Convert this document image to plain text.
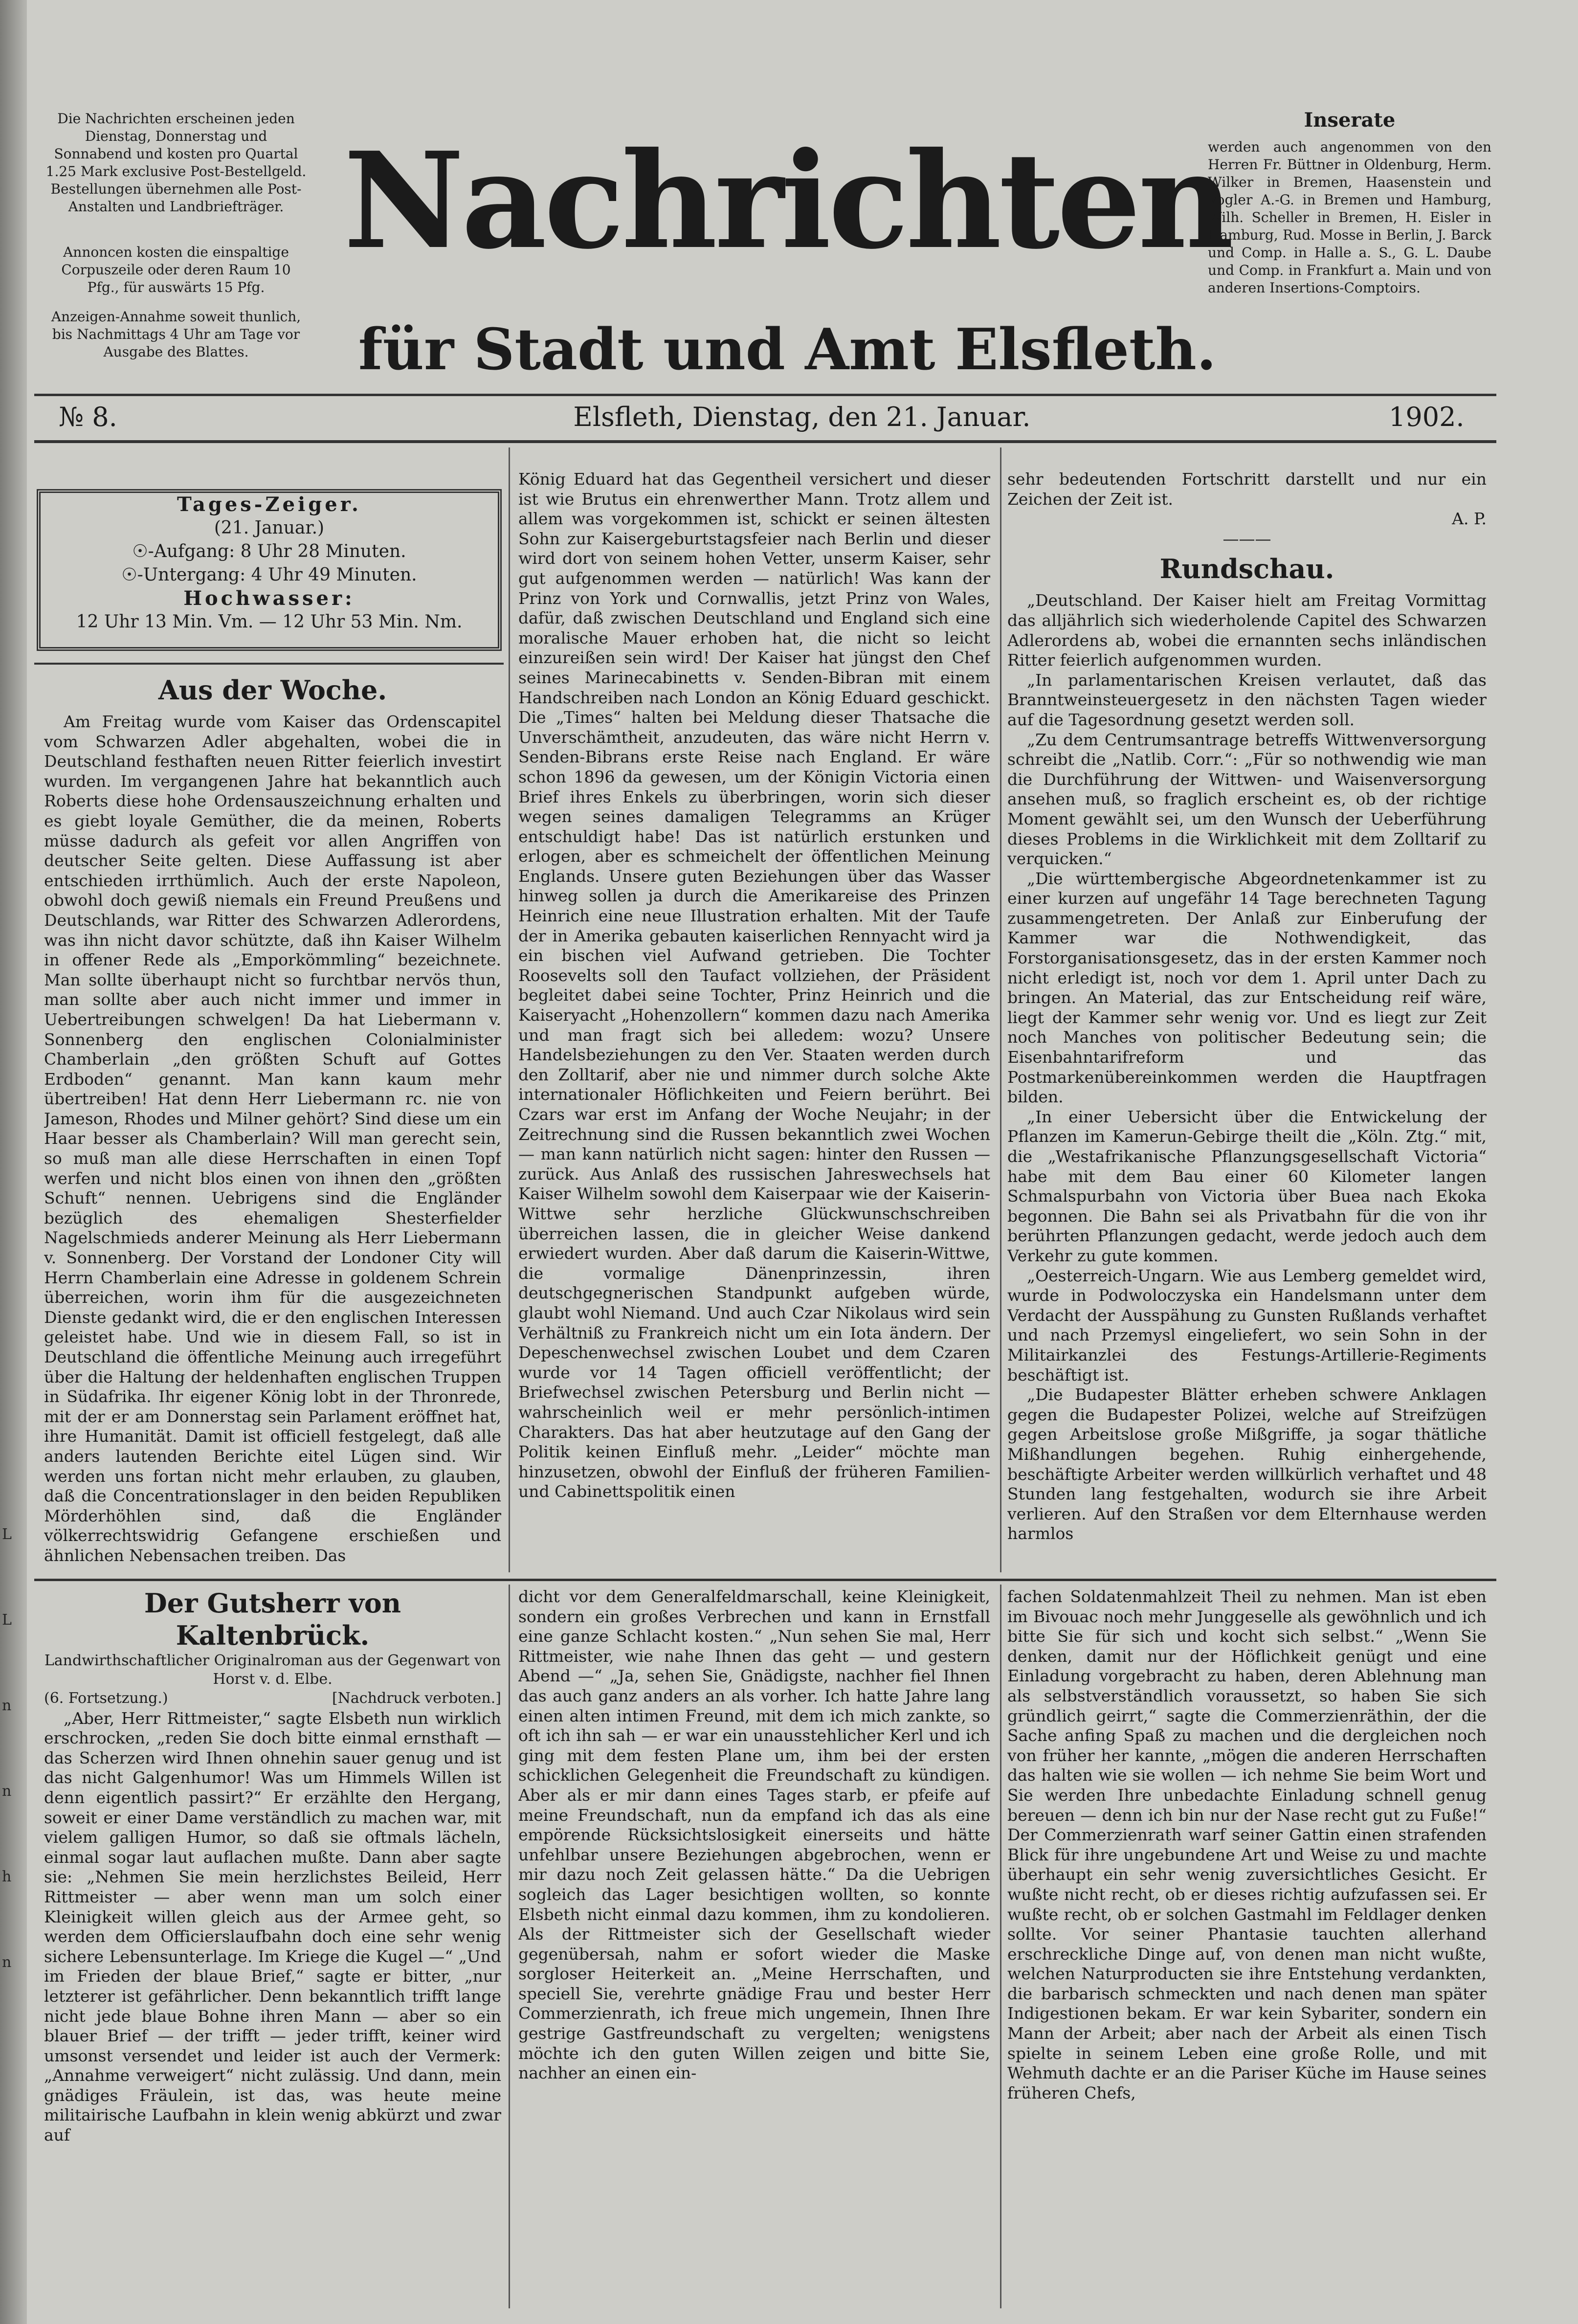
L
L
n
n
h
n
Die Nachrichten erscheinen jeden Dienstag, Donnerstag und Sonnabend und kosten pro Quartal 1.25 Mark exclusive Post-Bestellgeld. Bestellungen übernehmen alle Post-Anstalten und Landbriefträger.
Annoncen kosten die einspaltige Corpuszeile oder deren Raum 10 Pfg., für auswärts 15 Pfg.
Anzeigen-Annahme soweit thunlich, bis Nachmittags 4 Uhr am Tage vor Ausgabe des Blattes.
Nachrichten
für Stadt und Amt Elsfleth.
Inserate
werden auch angenommen von den Herren Fr. Büttner in Oldenburg, Herm. Wilker in Bremen, Haasenstein und Vogler A.-G. in Bremen und Hamburg, Wilh. Scheller in Bremen, H. Eisler in Hamburg, Rud. Mosse in Berlin, J. Barck und Comp. in Halle a. S., G. L. Daube und Comp. in Frankfurt a. Main und von anderen Insertions-Comptoirs.
№ 8.	Elsfleth, Dienstag, den 21. Januar.	1902.
Tages-Zeiger.
(21. Januar.)
☉-Aufgang: 8 Uhr 28 Minuten.
☉-Untergang: 4 Uhr 49 Minuten.
Hochwasser:
12 Uhr 13 Min. Vm. — 12 Uhr 53 Min. Nm.
Aus der Woche.

Am Freitag wurde vom Kaiser das Ordenscapitel vom Schwarzen Adler abgehalten, wobei die in Deutschland festhaften neuen Ritter feierlich investirt wurden. Im vergangenen Jahre hat bekanntlich auch Roberts diese hohe Ordensauszeichnung erhalten und es giebt loyale Gemüther, die da meinen, Roberts müsse dadurch als gefeit vor allen Angriffen von deutscher Seite gelten. Diese Auffassung ist aber entschieden irrthümlich. Auch der erste Napoleon, obwohl doch gewiß niemals ein Freund Preußens und Deutschlands, war Ritter des Schwarzen Adlerordens, was ihn nicht davor schützte, daß ihn Kaiser Wilhelm in offener Rede als „Emporkömmling“ bezeichnete. Man sollte überhaupt nicht so furchtbar nervös thun, man sollte aber auch nicht immer und immer in Uebertreibungen schwelgen! Da hat Liebermann v. Sonnenberg den englischen Colonialminister Chamberlain „den größten Schuft auf Gottes Erdboden“ genannt. Man kann kaum mehr übertreiben! Hat denn Herr Liebermann rc. nie von Jameson, Rhodes und Milner gehört? Sind diese um ein Haar besser als Chamberlain? Will man gerecht sein, so muß man alle diese Herrschaften in einen Topf werfen und nicht blos einen von ihnen den „größten Schuft“ nennen. Uebrigens sind die Engländer bezüglich des ehemaligen Shesterfielder Nagelschmieds anderer Meinung als Herr Liebermann v. Sonnenberg. Der Vorstand der Londoner City will Herrn Chamberlain eine Adresse in goldenem Schrein überreichen, worin ihm für die ausgezeichneten Dienste gedankt wird, die er den englischen Interessen geleistet habe. Und wie in diesem Fall, so ist in Deutschland die öffentliche Meinung auch irregeführt über die Haltung der heldenhaften englischen Truppen in Südafrika. Ihr eigener König lobt in der Thronrede, mit der er am Donnerstag sein Parlament eröffnet hat, ihre Humanität. Damit ist officiell festgelegt, daß alle anders lautenden Berichte eitel Lügen sind. Wir werden uns fortan nicht mehr erlauben, zu glauben, daß die Concentrationslager in den beiden Republiken Mörderhöhlen sind, daß die Engländer völkerrechtswidrig Gefangene erschießen und ähnlichen Nebensachen treiben. Das

König Eduard hat das Gegentheil versichert und dieser ist wie Brutus ein ehrenwerther Mann. Trotz allem und allem was vorgekommen ist, schickt er seinen ältesten Sohn zur Kaisergeburtstagsfeier nach Berlin und dieser wird dort von seinem hohen Vetter, unserm Kaiser, sehr gut aufgenommen werden — natürlich! Was kann der Prinz von York und Cornwallis, jetzt Prinz von Wales, dafür, daß zwischen Deutschland und England sich eine moralische Mauer erhoben hat, die nicht so leicht einzureißen sein wird! Der Kaiser hat jüngst den Chef seines Marinecabinetts v. Senden-Bibran mit einem Handschreiben nach London an König Eduard geschickt. Die „Times“ halten bei Meldung dieser Thatsache die Unverschämtheit, anzudeuten, das wäre nicht Herrn v. Senden-Bibrans erste Reise nach England. Er wäre schon 1896 da gewesen, um der Königin Victoria einen Brief ihres Enkels zu überbringen, worin sich dieser wegen seines damaligen Telegramms an Krüger entschuldigt habe! Das ist natürlich erstunken und erlogen, aber es schmeichelt der öffentlichen Meinung Englands. Unsere guten Beziehungen über das Wasser hinweg sollen ja durch die Amerikareise des Prinzen Heinrich eine neue Illustration erhalten. Mit der Taufe der in Amerika gebauten kaiserlichen Rennyacht wird ja ein bischen viel Aufwand getrieben. Die Tochter Roosevelts soll den Taufact vollziehen, der Präsident begleitet dabei seine Tochter, Prinz Heinrich und die Kaiseryacht „Hohenzollern“ kommen dazu nach Amerika und man fragt sich bei alledem: wozu? Unsere Handelsbeziehungen zu den Ver. Staaten werden durch den Zolltarif, aber nie und nimmer durch solche Akte internationaler Höflichkeiten und Feiern berührt. Bei Czars war erst im Anfang der Woche Neujahr; in der Zeitrechnung sind die Russen bekanntlich zwei Wochen — man kann natürlich nicht sagen: hinter den Russen — zurück. Aus Anlaß des russischen Jahreswechsels hat Kaiser Wilhelm sowohl dem Kaiserpaar wie der Kaiserin-Wittwe sehr herzliche Glückwunschschreiben überreichen lassen, die in gleicher Weise dankend erwiedert wurden. Aber daß darum die Kaiserin-Wittwe, die vormalige Dänenprinzessin, ihren deutschgegnerischen Standpunkt aufgeben würde, glaubt wohl Niemand. Und auch Czar Nikolaus wird sein Verhältniß zu Frankreich nicht um ein Iota ändern. Der Depeschenwechsel zwischen Loubet und dem Czaren wurde vor 14 Tagen officiell veröffentlicht; der Briefwechsel zwischen Petersburg und Berlin nicht — wahrscheinlich weil er mehr persönlich-intimen Charakters. Das hat aber heutzutage auf den Gang der Politik keinen Einfluß mehr. „Leider“ möchte man hinzusetzen, obwohl der Einfluß der früheren Familien- und Cabinettspolitik einen

sehr bedeutenden Fortschritt darstellt und nur ein Zeichen der Zeit ist.

A. P.
———
Rundschau.

„Deutschland. Der Kaiser hielt am Freitag Vormittag das alljährlich sich wiederholende Capitel des Schwarzen Adlerordens ab, wobei die ernannten sechs inländischen Ritter feierlich aufgenommen wurden.

„In parlamentarischen Kreisen verlautet, daß das Branntweinsteuergesetz in den nächsten Tagen wieder auf die Tagesordnung gesetzt werden soll.

„Zu dem Centrumsantrage betreffs Wittwenversorgung schreibt die „Natlib. Corr.“: „Für so nothwendig wie man die Durchführung der Wittwen- und Waisenversorgung ansehen muß, so fraglich erscheint es, ob der richtige Moment gewählt sei, um den Wunsch der Ueberführung dieses Problems in die Wirklichkeit mit dem Zolltarif zu verquicken.“

„Die württembergische Abgeordnetenkammer ist zu einer kurzen auf ungefähr 14 Tage berechneten Tagung zusammengetreten. Der Anlaß zur Einberufung der Kammer war die Nothwendigkeit, das Forstorganisationsgesetz, das in der ersten Kammer noch nicht erledigt ist, noch vor dem 1. April unter Dach zu bringen. An Material, das zur Entscheidung reif wäre, liegt der Kammer sehr wenig vor. Und es liegt zur Zeit noch Manches von politischer Bedeutung sein; die Eisenbahntarifreform und das Postmarkenübereinkommen werden die Hauptfragen bilden.

„In einer Uebersicht über die Entwickelung der Pflanzen im Kamerun-Gebirge theilt die „Köln. Ztg.“ mit, die „Westafrikanische Pflanzungsgesellschaft Victoria“ habe mit dem Bau einer 60 Kilometer langen Schmalspurbahn von Victoria über Buea nach Ekoka begonnen. Die Bahn sei als Privatbahn für die von ihr berührten Pflanzungen gedacht, werde jedoch auch dem Verkehr zu gute kommen.

„Oesterreich-Ungarn. Wie aus Lemberg gemeldet wird, wurde in Podwoloczyska ein Handelsmann unter dem Verdacht der Ausspähung zu Gunsten Rußlands verhaftet und nach Przemysl eingeliefert, wo sein Sohn in der Militairkanzlei des Festungs-Artillerie-Regiments beschäftigt ist.

„Die Budapester Blätter erheben schwere Anklagen gegen die Budapester Polizei, welche auf Streifzügen gegen Arbeitslose große Mißgriffe, ja sogar thätliche Mißhandlungen begehen. Ruhig einhergehende, beschäftigte Arbeiter werden willkürlich verhaftet und 48 Stunden lang festgehalten, wodurch sie ihre Arbeit verlieren. Auf den Straßen vor dem Elternhause werden harmlos

Der Gutsherr von Kaltenbrück.
Landwirthschaftlicher Originalroman aus der Gegenwart von Horst v. d. Elbe.
(6. Fortsetzung.)	[Nachdruck verboten.]

„Aber, Herr Rittmeister,“ sagte Elsbeth nun wirklich erschrocken, „reden Sie doch bitte einmal ernsthaft — das Scherzen wird Ihnen ohnehin sauer genug und ist das nicht Galgenhumor! Was um Himmels Willen ist denn eigentlich passirt?“ Er erzählte den Hergang, soweit er einer Dame verständlich zu machen war, mit vielem galligen Humor, so daß sie oftmals lächeln, einmal sogar laut auflachen mußte. Dann aber sagte sie: „Nehmen Sie mein herzlichstes Beileid, Herr Rittmeister — aber wenn man um solch einer Kleinigkeit willen gleich aus der Armee geht, so werden dem Officierslaufbahn doch eine sehr wenig sichere Lebensunterlage. Im Kriege die Kugel —“ „Und im Frieden der blaue Brief,“ sagte er bitter, „nur letzterer ist gefährlicher. Denn bekanntlich trifft lange nicht jede blaue Bohne ihren Mann — aber so ein blauer Brief — der trifft — jeder trifft, keiner wird umsonst versendet und leider ist auch der Vermerk: „Annahme verweigert“ nicht zulässig. Und dann, mein gnädiges Fräulein, ist das, was heute meine militairische Laufbahn in klein wenig abkürzt und zwar auf

dicht vor dem Generalfeldmarschall, keine Kleinigkeit, sondern ein großes Verbrechen und kann in Ernstfall eine ganze Schlacht kosten.“ „Nun sehen Sie mal, Herr Rittmeister, wie nahe Ihnen das geht — und gestern Abend —“ „Ja, sehen Sie, Gnädigste, nachher fiel Ihnen das auch ganz anders an als vorher. Ich hatte Jahre lang einen alten intimen Freund, mit dem ich mich zankte, so oft ich ihn sah — er war ein unausstehlicher Kerl und ich ging mit dem festen Plane um, ihm bei der ersten schicklichen Gelegenheit die Freundschaft zu kündigen. Aber als er mir dann eines Tages starb, er pfeife auf meine Freundschaft, nun da empfand ich das als eine empörende Rücksichtslosigkeit einerseits und hätte unfehlbar unsere Beziehungen abgebrochen, wenn er mir dazu noch Zeit gelassen hätte.“ Da die Uebrigen sogleich das Lager besichtigen wollten, so konnte Elsbeth nicht einmal dazu kommen, ihm zu kondolieren. Als der Rittmeister sich der Gesellschaft wieder gegenübersah, nahm er sofort wieder die Maske sorgloser Heiterkeit an. „Meine Herrschaften, und speciell Sie, verehrte gnädige Frau und bester Herr Commerzienrath, ich freue mich ungemein, Ihnen Ihre gestrige Gastfreundschaft zu vergelten; wenigstens möchte ich den guten Willen zeigen und bitte Sie, nachher an einen ein-

fachen Soldatenmahlzeit Theil zu nehmen. Man ist eben im Bivouac noch mehr Junggeselle als gewöhnlich und ich bitte Sie für sich und kocht sich selbst.“ „Wenn Sie denken, damit nur der Höflichkeit genügt und eine Einladung vorgebracht zu haben, deren Ablehnung man als selbstverständlich voraussetzt, so haben Sie sich gründlich geirrt,“ sagte die Commerzienräthin, der die Sache anfing Spaß zu machen und die dergleichen noch von früher her kannte, „mögen die anderen Herrschaften das halten wie sie wollen — ich nehme Sie beim Wort und Sie werden Ihre unbedachte Einladung schnell genug bereuen — denn ich bin nur der Nase recht gut zu Fuße!“ Der Commerzienrath warf seiner Gattin einen strafenden Blick für ihre ungebundene Art und Weise zu und machte überhaupt ein sehr wenig zuversichtliches Gesicht. Er wußte nicht recht, ob er dieses richtig aufzufassen sei. Er wußte recht, ob er solchen Gastmahl im Feldlager denken sollte. Vor seiner Phantasie tauchten allerhand erschreckliche Dinge auf, von denen man nicht wußte, welchen Naturproducten sie ihre Entstehung verdankten, die barbarisch schmeckten und nach denen man später Indigestionen bekam. Er war kein Sybariter, sondern ein Mann der Arbeit; aber nach der Arbeit als einen Tisch spielte in seinem Leben eine große Rolle, und mit Wehmuth dachte er an die Pariser Küche im Hause seines früheren Chefs,
